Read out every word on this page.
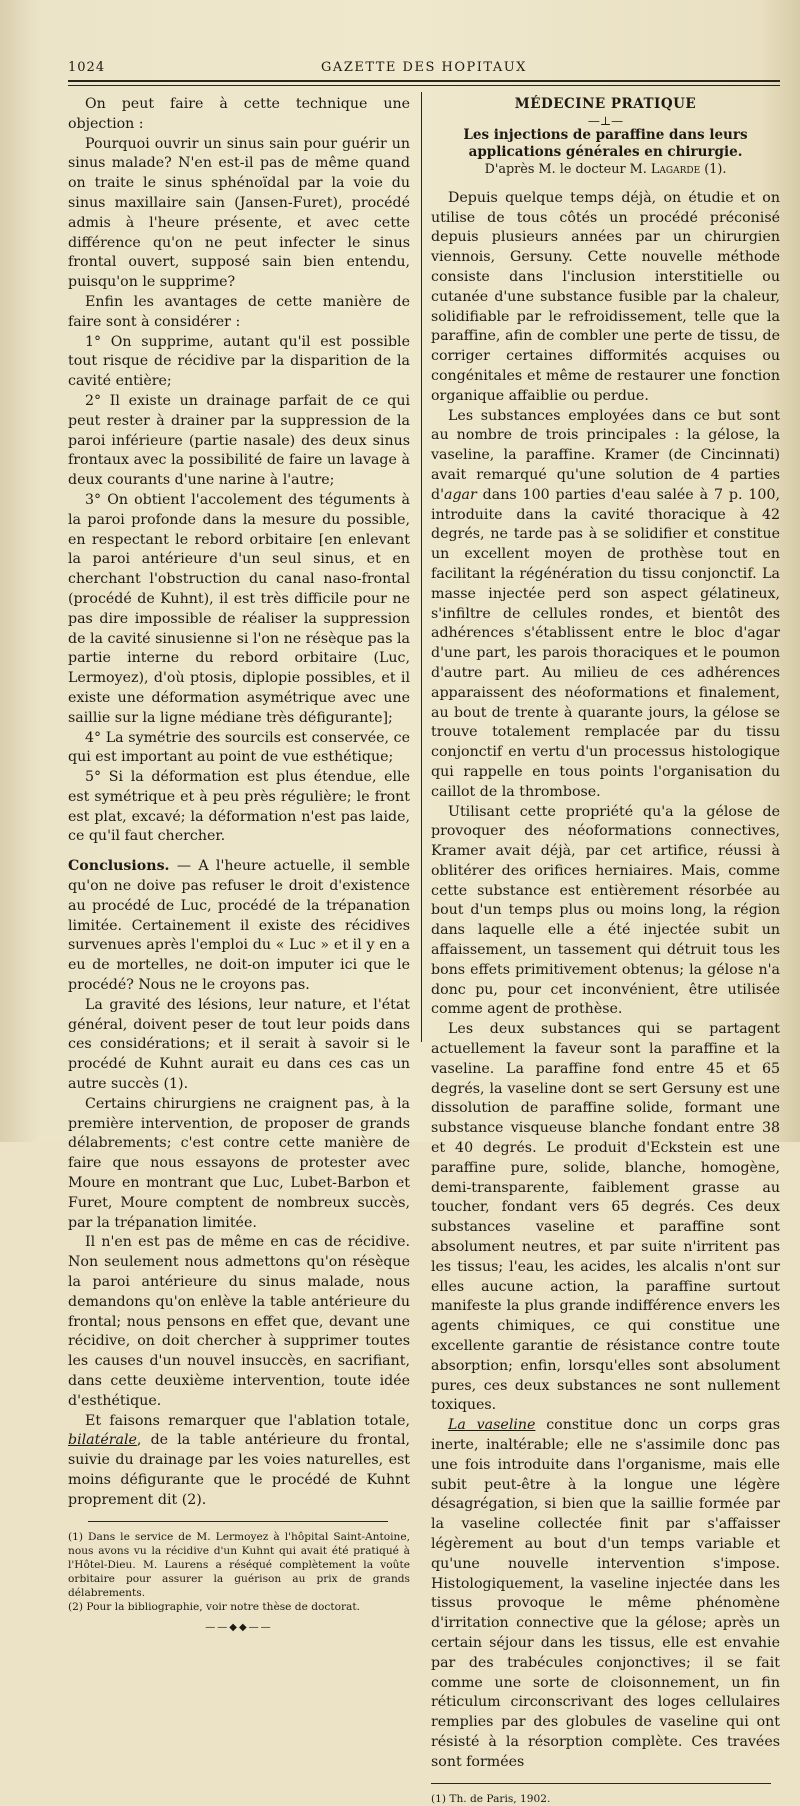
1024	GAZETTE DES HOPITAUX

On peut faire à cette technique une objection :

Pourquoi ouvrir un sinus sain pour guérir un sinus malade? N'en est-il pas de même quand on traite le sinus sphénoïdal par la voie du sinus maxillaire sain (Jansen-Furet), procédé admis à l'heure présente, et avec cette différence qu'on ne peut infecter le sinus frontal ouvert, supposé sain bien entendu, puisqu'on le supprime?

Enfin les avantages de cette manière de faire sont à considérer :

1° On supprime, autant qu'il est possible tout risque de récidive par la disparition de la cavité entière;

2° Il existe un drainage parfait de ce qui peut rester à drainer par la suppression de la paroi inférieure (partie nasale) des deux sinus frontaux avec la possibilité de faire un lavage à deux courants d'une narine à l'autre;

3° On obtient l'accolement des téguments à la paroi profonde dans la mesure du possible, en respectant le rebord orbitaire [en enlevant la paroi antérieure d'un seul sinus, et en cherchant l'obstruction du canal naso-frontal (procédé de Kuhnt), il est très difficile pour ne pas dire impossible de réaliser la suppression de la cavité sinusienne si l'on ne résèque pas la partie interne du rebord orbitaire (Luc, Lermoyez), d'où ptosis, diplopie possibles, et il existe une déformation asymétrique avec une saillie sur la ligne médiane très défigurante];

4° La symétrie des sourcils est conservée, ce qui est important au point de vue esthétique;

5° Si la déformation est plus étendue, elle est symétrique et à peu près régulière; le front est plat, excavé; la déformation n'est pas laide, ce qu'il faut chercher.

Conclusions. — A l'heure actuelle, il semble qu'on ne doive pas refuser le droit d'existence au procédé de Luc, procédé de la trépanation limitée. Certainement il existe des récidives survenues après l'emploi du « Luc » et il y en a eu de mortelles, ne doit-on imputer ici que le procédé? Nous ne le croyons pas.

La gravité des lésions, leur nature, et l'état général, doivent peser de tout leur poids dans ces considérations; et il serait à savoir si le procédé de Kuhnt aurait eu dans ces cas un autre succès (1).

Certains chirurgiens ne craignent pas, à la première intervention, de proposer de grands délabrements; c'est contre cette manière de faire que nous essayons de protester avec Moure en montrant que Luc, Lubet-Barbon et Furet, Moure comptent de nombreux succès, par la trépanation limitée.

Il n'en est pas de même en cas de récidive. Non seulement nous admettons qu'on résèque la paroi antérieure du sinus malade, nous demandons qu'on enlève la table antérieure du frontal; nous pensons en effet que, devant une récidive, on doit chercher à supprimer toutes les causes d'un nouvel insuccès, en sacrifiant, dans cette deuxième intervention, toute idée d'esthétique.

Et faisons remarquer que l'ablation totale, bilatérale, de la table antérieure du frontal, suivie du drainage par les voies naturelles, est moins défigurante que le procédé de Kuhnt proprement dit (2).

(1) Dans le service de M. Lermoyez à l'hôpital Saint-Antoine, nous avons vu la récidive d'un Kuhnt qui avait été pratiqué à l'Hôtel-Dieu. M. Laurens a réséqué complètement la voûte orbitaire pour assurer la guérison au prix de grands délabrements.

(2) Pour la bibliographie, voir notre thèse de doctorat.

——◆◆——

MÉDECINE PRATIQUE

—⊥—

Les injections de paraffine dans leurs applications générales en chirurgie.

D'après M. le docteur M. Lagarde (1).

Depuis quelque temps déjà, on étudie et on utilise de tous côtés un procédé préconisé depuis plusieurs années par un chirurgien viennois, Gersuny. Cette nouvelle méthode consiste dans l'inclusion interstitielle ou cutanée d'une substance fusible par la chaleur, solidifiable par le refroidissement, telle que la paraffine, afin de combler une perte de tissu, de corriger certaines difformités acquises ou congénitales et même de restaurer une fonction organique affaiblie ou perdue.

Les substances employées dans ce but sont au nombre de trois principales : la gélose, la vaseline, la paraffine. Kramer (de Cincinnati) avait remarqué qu'une solution de 4 parties d'agar dans 100 parties d'eau salée à 7 p. 100, introduite dans la cavité thoracique à 42 degrés, ne tarde pas à se solidifier et constitue un excellent moyen de prothèse tout en facilitant la régénération du tissu conjonctif. La masse injectée perd son aspect gélatineux, s'infiltre de cellules rondes, et bientôt des adhérences s'établissent entre le bloc d'agar d'une part, les parois thoraciques et le poumon d'autre part. Au milieu de ces adhérences apparaissent des néoformations et finalement, au bout de trente à quarante jours, la gélose se trouve totalement remplacée par du tissu conjonctif en vertu d'un processus histologique qui rappelle en tous points l'organisation du caillot de la thrombose.

Utilisant cette propriété qu'a la gélose de provoquer des néoformations connectives, Kramer avait déjà, par cet artifice, réussi à oblitérer des orifices herniaires. Mais, comme cette substance est entièrement résorbée au bout d'un temps plus ou moins long, la région dans laquelle elle a été injectée subit un affaissement, un tassement qui détruit tous les bons effets primitivement obtenus; la gélose n'a donc pu, pour cet inconvénient, être utilisée comme agent de prothèse.

Les deux substances qui se partagent actuellement la faveur sont la paraffine et la vaseline. La paraffine fond entre 45 et 65 degrés, la vaseline dont se sert Gersuny est une dissolution de paraffine solide, formant une substance visqueuse blanche fondant entre 38 et 40 degrés. Le produit d'Eckstein est une paraffine pure, solide, blanche, homogène, demi-transparente, faiblement grasse au toucher, fondant vers 65 degrés. Ces deux substances vaseline et paraffine sont absolument neutres, et par suite n'irritent pas les tissus; l'eau, les acides, les alcalis n'ont sur elles aucune action, la paraffine surtout manifeste la plus grande indifférence envers les agents chimiques, ce qui constitue une excellente garantie de résistance contre toute absorption; enfin, lorsqu'elles sont absolument pures, ces deux substances ne sont nullement toxiques.

La vaseline constitue donc un corps gras inerte, inaltérable; elle ne s'assimile donc pas une fois introduite dans l'organisme, mais elle subit peut-être à la longue une légère désagrégation, si bien que la saillie formée par la vaseline collectée finit par s'affaisser légèrement au bout d'un temps variable et qu'une nouvelle intervention s'impose. Histologiquement, la vaseline injectée dans les tissus provoque le même phénomène d'irritation connective que la gélose; après un certain séjour dans les tissus, elle est envahie par des trabécules conjonctives; il se fait comme une sorte de cloisonnement, un fin réticulum circonscrivant des loges cellulaires remplies par des globules de vaseline qui ont résisté à la résorption complète. Ces travées sont formées

(1) Th. de Paris, 1902.
